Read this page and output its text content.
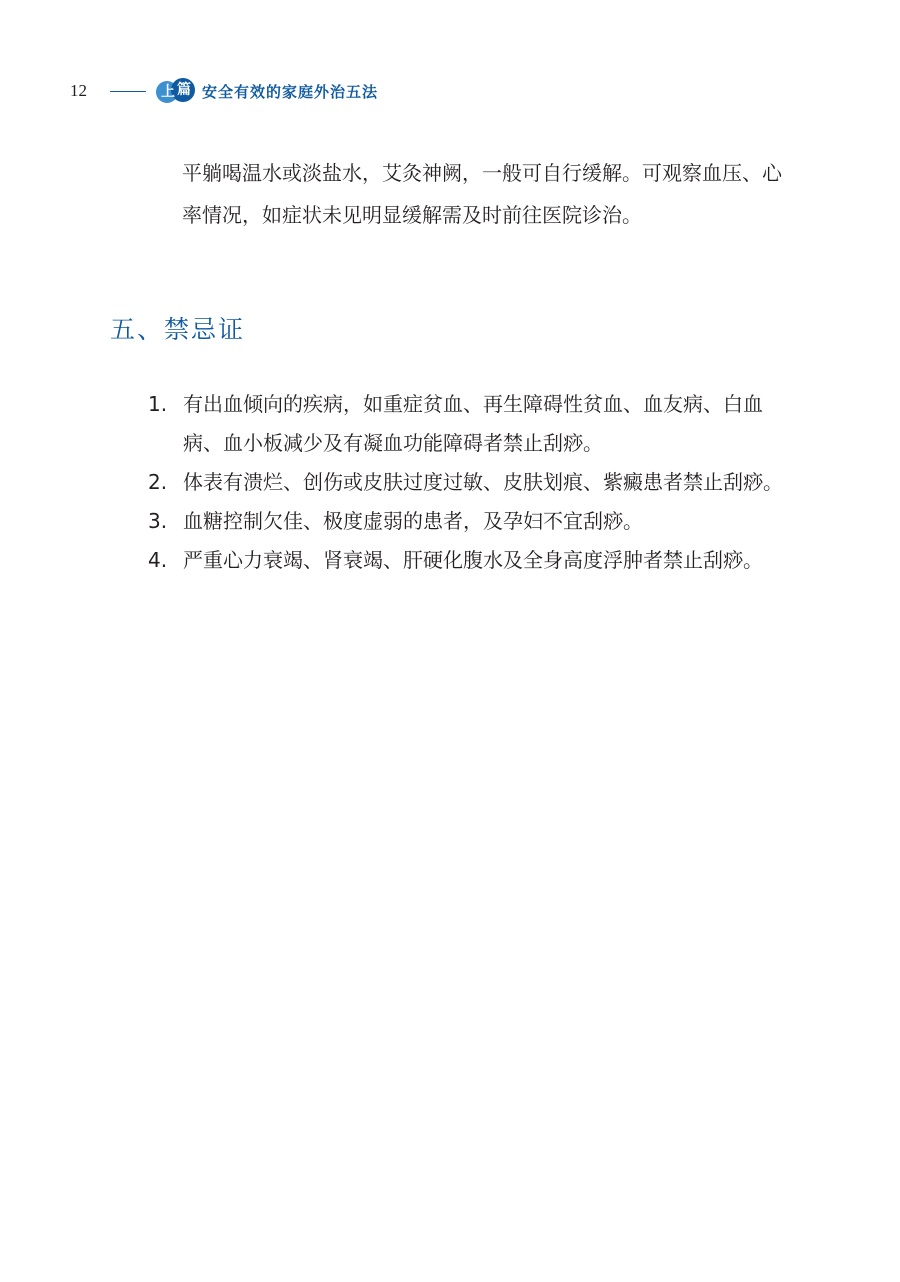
12	上 篇 安全有效的家庭外治五法

平躺喝温水或淡盐水，艾灸神阙，一般可自行缓解。可观察血压、心率情况，如症状未见明显缓解需及时前往医院诊治。

五、禁忌证
1. 有出血倾向的疾病，如重症贫血、再生障碍性贫血、血友病、白血病、血小板减少及有凝血功能障碍者禁止刮痧。
2. 体表有溃烂、创伤或皮肤过度过敏、皮肤划痕、紫癜患者禁止刮痧。
3. 血糖控制欠佳、极度虚弱的患者，及孕妇不宜刮痧。
4. 严重心力衰竭、肾衰竭、肝硬化腹水及全身高度浮肿者禁止刮痧。
